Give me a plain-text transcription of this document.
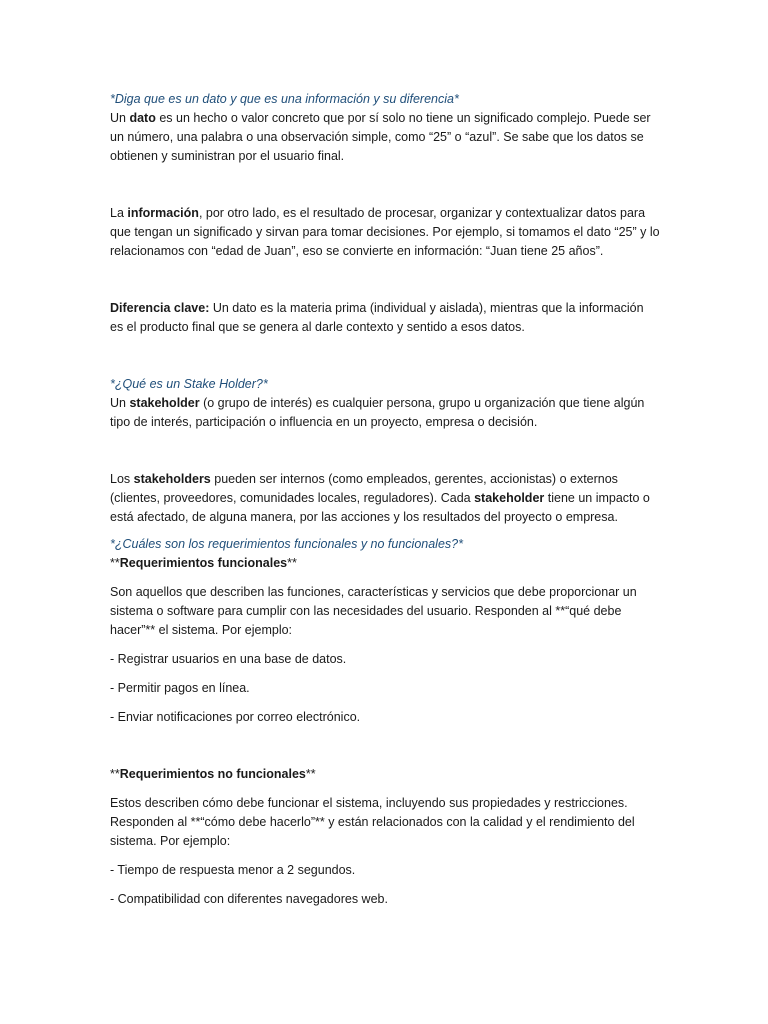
*Diga que es un dato y que es una información y su diferencia*

Un dato es un hecho o valor concreto que por sí solo no tiene un significado complejo. Puede ser un número, una palabra o una observación simple, como “25” o “azul”. Se sabe que los datos se obtienen y suministran por el usuario final.

La información, por otro lado, es el resultado de procesar, organizar y contextualizar datos para que tengan un significado y sirvan para tomar decisiones. Por ejemplo, si tomamos el dato “25” y lo relacionamos con “edad de Juan”, eso se convierte en información: “Juan tiene 25 años”.

Diferencia clave: Un dato es la materia prima (individual y aislada), mientras que la información es el producto final que se genera al darle contexto y sentido a esos datos.

*¿Qué es un Stake Holder?*

Un stakeholder (o grupo de interés) es cualquier persona, grupo u organización que tiene algún tipo de interés, participación o influencia en un proyecto, empresa o decisión.

Los stakeholders pueden ser internos (como empleados, gerentes, accionistas) o externos (clientes, proveedores, comunidades locales, reguladores). Cada stakeholder tiene un impacto o está afectado, de alguna manera, por las acciones y los resultados del proyecto o empresa.

*¿Cuáles son los requerimientos funcionales y no funcionales?*

**Requerimientos funcionales**

Son aquellos que describen las funciones, características y servicios que debe proporcionar un sistema o software para cumplir con las necesidades del usuario. Responden al **“qué debe hacer”** el sistema. Por ejemplo:

- Registrar usuarios en una base de datos.

- Permitir pagos en línea.

- Enviar notificaciones por correo electrónico.

**Requerimientos no funcionales**

Estos describen cómo debe funcionar el sistema, incluyendo sus propiedades y restricciones. Responden al **“cómo debe hacerlo”** y están relacionados con la calidad y el rendimiento del sistema. Por ejemplo:

- Tiempo de respuesta menor a 2 segundos.

- Compatibilidad con diferentes navegadores web.
